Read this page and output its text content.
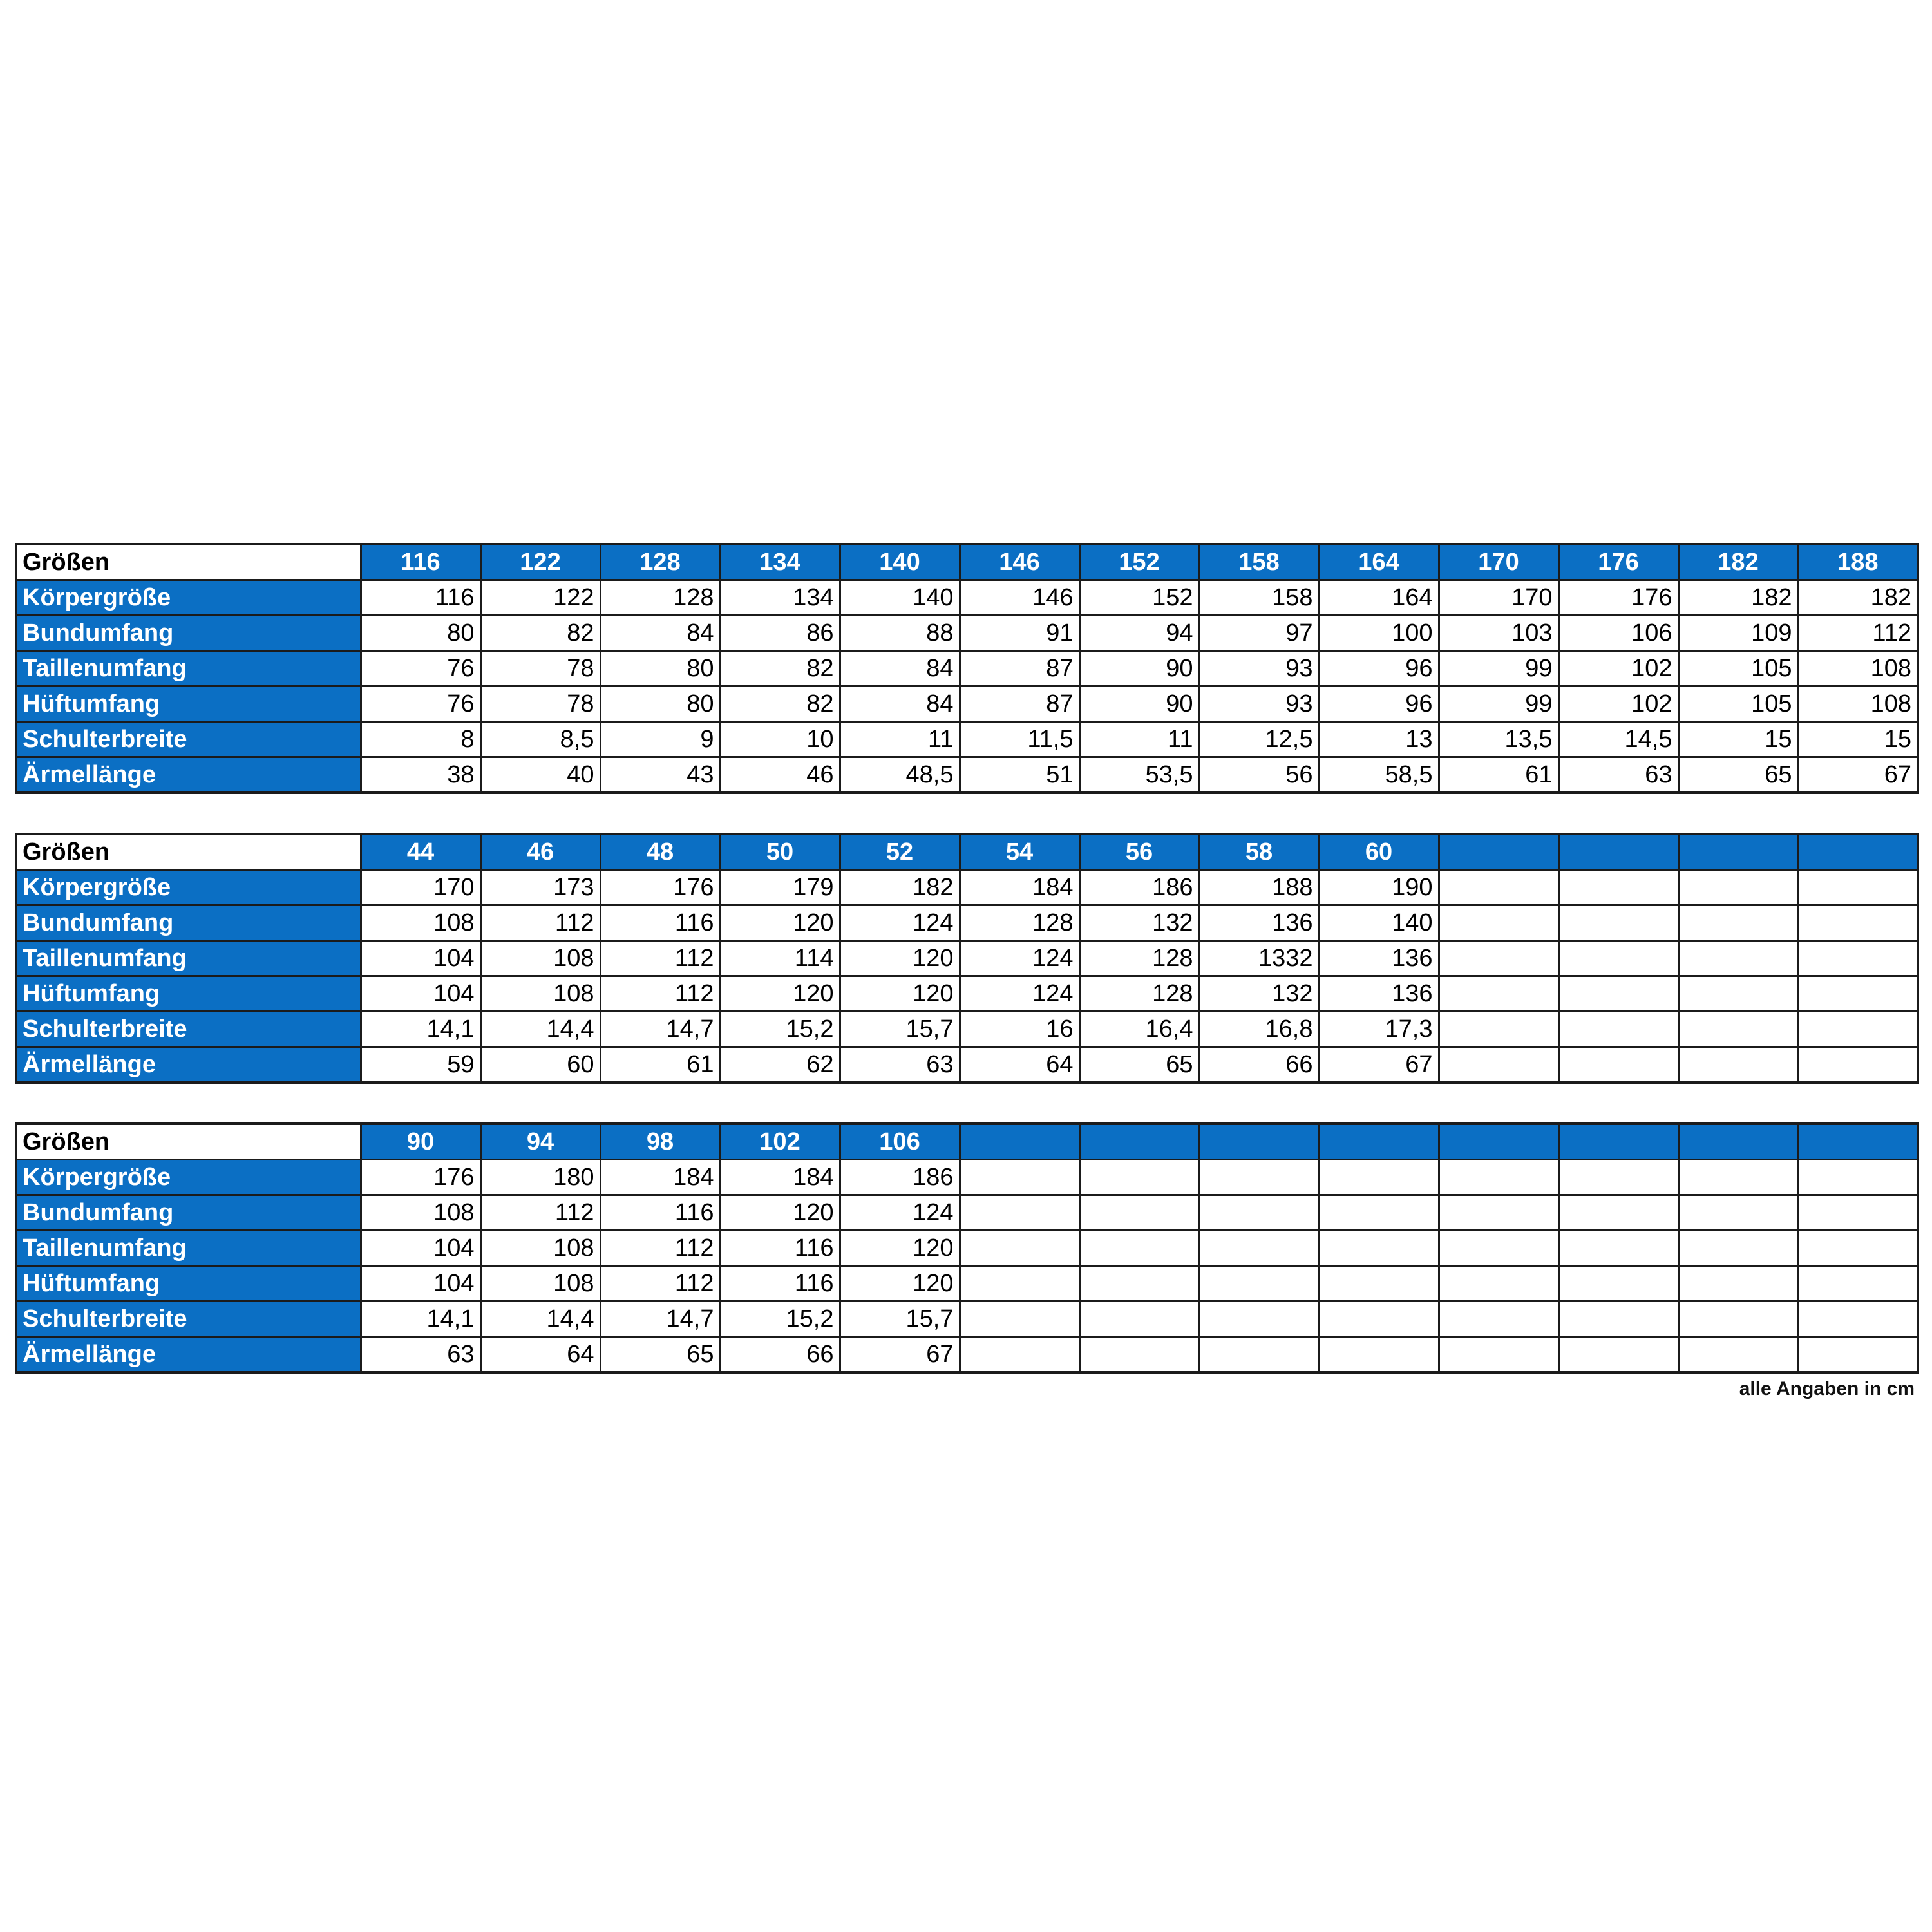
Größen	116	122	128	134	140	146	152	158	164	170	176	182	188
Körpergröße	116	122	128	134	140	146	152	158	164	170	176	182	182
Bundumfang	80	82	84	86	88	91	94	97	100	103	106	109	112
Taillenumfang	76	78	80	82	84	87	90	93	96	99	102	105	108
Hüftumfang	76	78	80	82	84	87	90	93	96	99	102	105	108
Schulterbreite	8	8,5	9	10	11	11,5	11	12,5	13	13,5	14,5	15	15
Ärmellänge	38	40	43	46	48,5	51	53,5	56	58,5	61	63	65	67
Größen	44	46	48	50	52	54	56	58	60				
Körpergröße	170	173	176	179	182	184	186	188	190				
Bundumfang	108	112	116	120	124	128	132	136	140				
Taillenumfang	104	108	112	114	120	124	128	1332	136				
Hüftumfang	104	108	112	120	120	124	128	132	136				
Schulterbreite	14,1	14,4	14,7	15,2	15,7	16	16,4	16,8	17,3				
Ärmellänge	59	60	61	62	63	64	65	66	67				
Größen	90	94	98	102	106								
Körpergröße	176	180	184	184	186								
Bundumfang	108	112	116	120	124								
Taillenumfang	104	108	112	116	120								
Hüftumfang	104	108	112	116	120								
Schulterbreite	14,1	14,4	14,7	15,2	15,7								
Ärmellänge	63	64	65	66	67								
alle Angaben in cm
